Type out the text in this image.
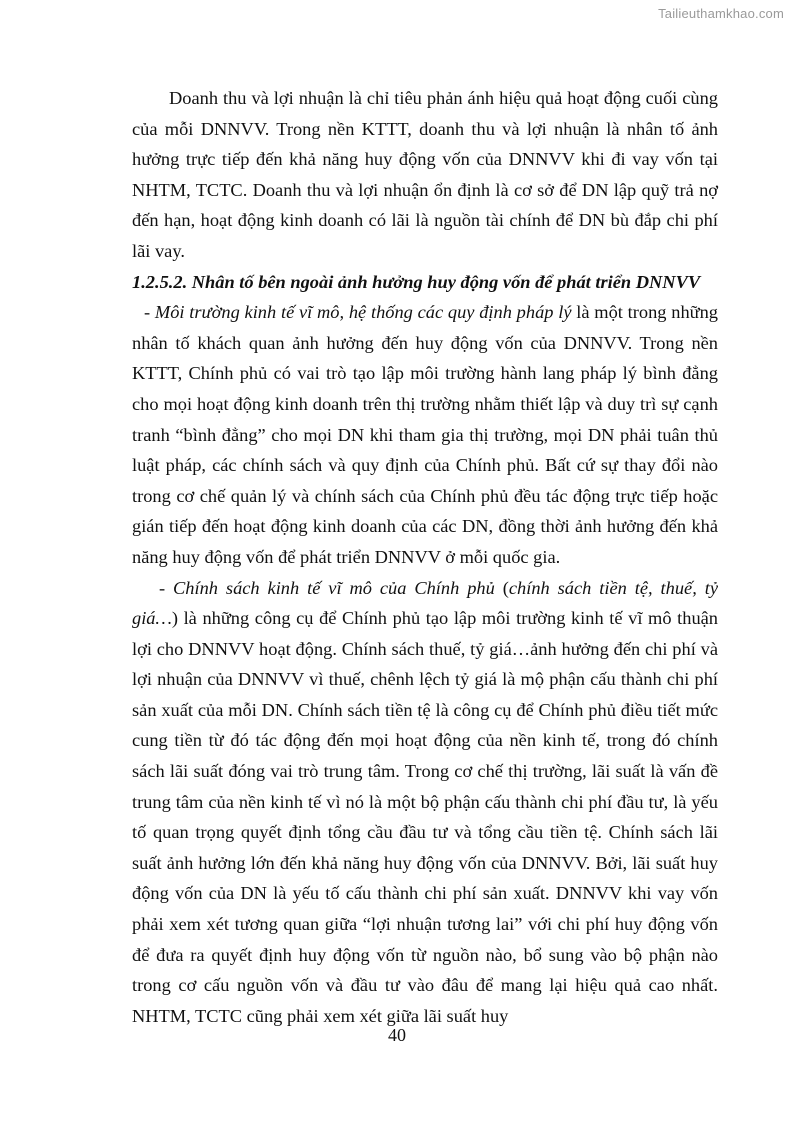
Tailieuthamkhao.com

Doanh thu và lợi nhuận là chỉ tiêu phản ánh hiệu quả hoạt động cuối cùng của mỗi DNNVV. Trong nền KTTT, doanh thu và lợi nhuận là nhân tố ảnh hưởng trực tiếp đến khả năng huy động vốn của DNNVV khi đi vay vốn tại NHTM, TCTC. Doanh thu và lợi nhuận ổn định là cơ sở để DN lập quỹ trả nợ đến hạn, hoạt động kinh doanh có lãi là nguồn tài chính để DN bù đắp chi phí lãi vay.

1.2.5.2. Nhân tố bên ngoài ảnh hưởng huy động vốn để phát triển DNNVV

- Môi trường kinh tế vĩ mô, hệ thống các quy định pháp lý là một trong những nhân tố khách quan ảnh hưởng đến huy động vốn của DNNVV. Trong nền KTTT, Chính phủ có vai trò tạo lập môi trường hành lang pháp lý bình đẳng cho mọi hoạt động kinh doanh trên thị trường nhằm thiết lập và duy trì sự cạnh tranh “bình đẳng” cho mọi DN khi tham gia thị trường, mọi DN phải tuân thủ luật pháp, các chính sách và quy định của Chính phủ. Bất cứ sự thay đổi nào trong cơ chế quản lý và chính sách của Chính phủ đều tác động trực tiếp hoặc gián tiếp đến hoạt động kinh doanh của các DN, đồng thời ảnh hưởng đến khả năng huy động vốn để phát triển DNNVV ở mỗi quốc gia.

- Chính sách kinh tế vĩ mô của Chính phủ (chính sách tiền tệ, thuế, tỷ giá…) là những công cụ để Chính phủ tạo lập môi trường kinh tế vĩ mô thuận lợi cho DNNVV hoạt động. Chính sách thuế, tỷ giá…ảnh hưởng đến chi phí và lợi nhuận của DNNVV vì thuế, chênh lệch tỷ giá là mộ phận cấu thành chi phí sản xuất của mỗi DN. Chính sách tiền tệ là công cụ để Chính phủ điều tiết mức cung tiền từ đó tác động đến mọi hoạt động của nền kinh tế, trong đó chính sách lãi suất đóng vai trò trung tâm. Trong cơ chế thị trường, lãi suất là vấn đề trung tâm của nền kinh tế vì nó là một bộ phận cấu thành chi phí đầu tư, là yếu tố quan trọng quyết định tổng cầu đầu tư và tổng cầu tiền tệ. Chính sách lãi suất ảnh hưởng lớn đến khả năng huy động vốn của DNNVV. Bởi, lãi suất huy động vốn của DN là yếu tố cấu thành chi phí sản xuất. DNNVV khi vay vốn phải xem xét tương quan giữa “lợi nhuận tương lai” với chi phí huy động vốn để đưa ra quyết định huy động vốn từ nguồn nào, bổ sung vào bộ phận nào trong cơ cấu nguồn vốn và đầu tư vào đâu để mang lại hiệu quả cao nhất. NHTM, TCTC cũng phải xem xét giữa lãi suất huy

40
